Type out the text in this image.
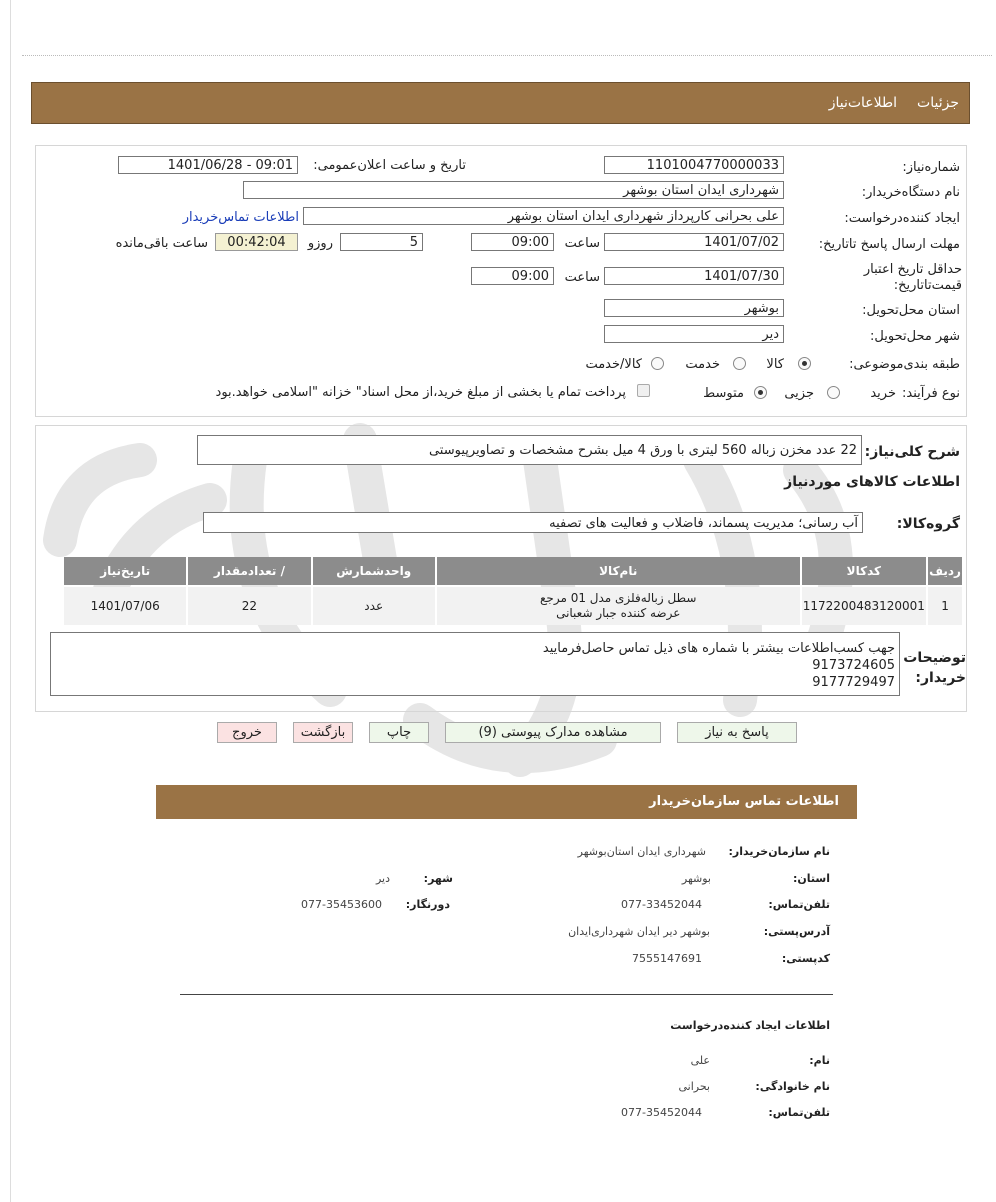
جزئیات
اطلاعات‌نیاز
شماره‌نیاز:
1101004770000033
تاریخ و ساعت اعلان‌عمومی:
1401/06/28 - 09:01
نام دستگاه‌خریدار:
شهرداری ایدان استان بوشهر
ایجاد کننده‌درخواست:
علی بحرانی کارپرداز شهرداری ایدان استان بوشهر
اطلاعات تماس‌خریدار
مهلت ارسال پاسخ تا‌تاریخ:
1401/07/02
ساعت
09:00
5
روزو
00:42:04
ساعت باقی‌مانده
حداقل تاریخ اعتبار قیمت‌تا‌تاریخ:
1401/07/30
ساعت
09:00
استان محل‌تحویل:
بوشهر
شهر محل‌تحویل:
دیر
طبقه بندی‌موضوعی:
کالا
خدمت
کالا/خدمت
نوع فرآیند:
خرید
جزیی
متوسط
پرداخت تمام یا بخشی از مبلغ خرید،از محل اسناد" خزانه "اسلامی خواهد.بود
شرح کلی‌نیاز:
22 عدد مخزن زباله 560 لیتری با ورق 4 میل بشرح مشخصات و تصاویرپیوستی
اطلاعات کالاهای موردنیاز
گروه‌کالا:
آب رسانی؛ مدیریت پسماند، فاضلاب و فعالیت های تصفیه
ردیف	کدکالا	نام‌کالا	واحدشمارش	/ تعدادمقدار	تاریخ‌نیاز
1	1172200483120001	سطل زباله‌فلزی مدل 01 مرجع
عرضه کننده جبار شعبانی	عدد	22	1401/07/06
توضیحات خریدار:
جهب کسب‌اطلاعات بیشتر با شماره های ذیل تماس حاصل‌فرمایید
9173724605
9177729497
پاسخ به نیاز
مشاهده مدارک پیوستی (9)
چاپ
بازگشت
خروج
اطلاعات تماس سازمان‌خریدار
نام سازمان‌خریدار:
شهرداری ایدان استان‌بوشهر
استان:
بوشهر
شهر:
دیر
تلفن‌تماس:
077-33452044
دورنگار:
077-35453600
آدرس‌پستی:
بوشهر دیر ایدان شهرداری‌ایدان
کد‌پستی:
7555147691
اطلاعات ایجاد کننده‌درخواست
نام:
علی
نام خانوادگی:
بحرانی
تلفن‌تماس:
077-35452044
